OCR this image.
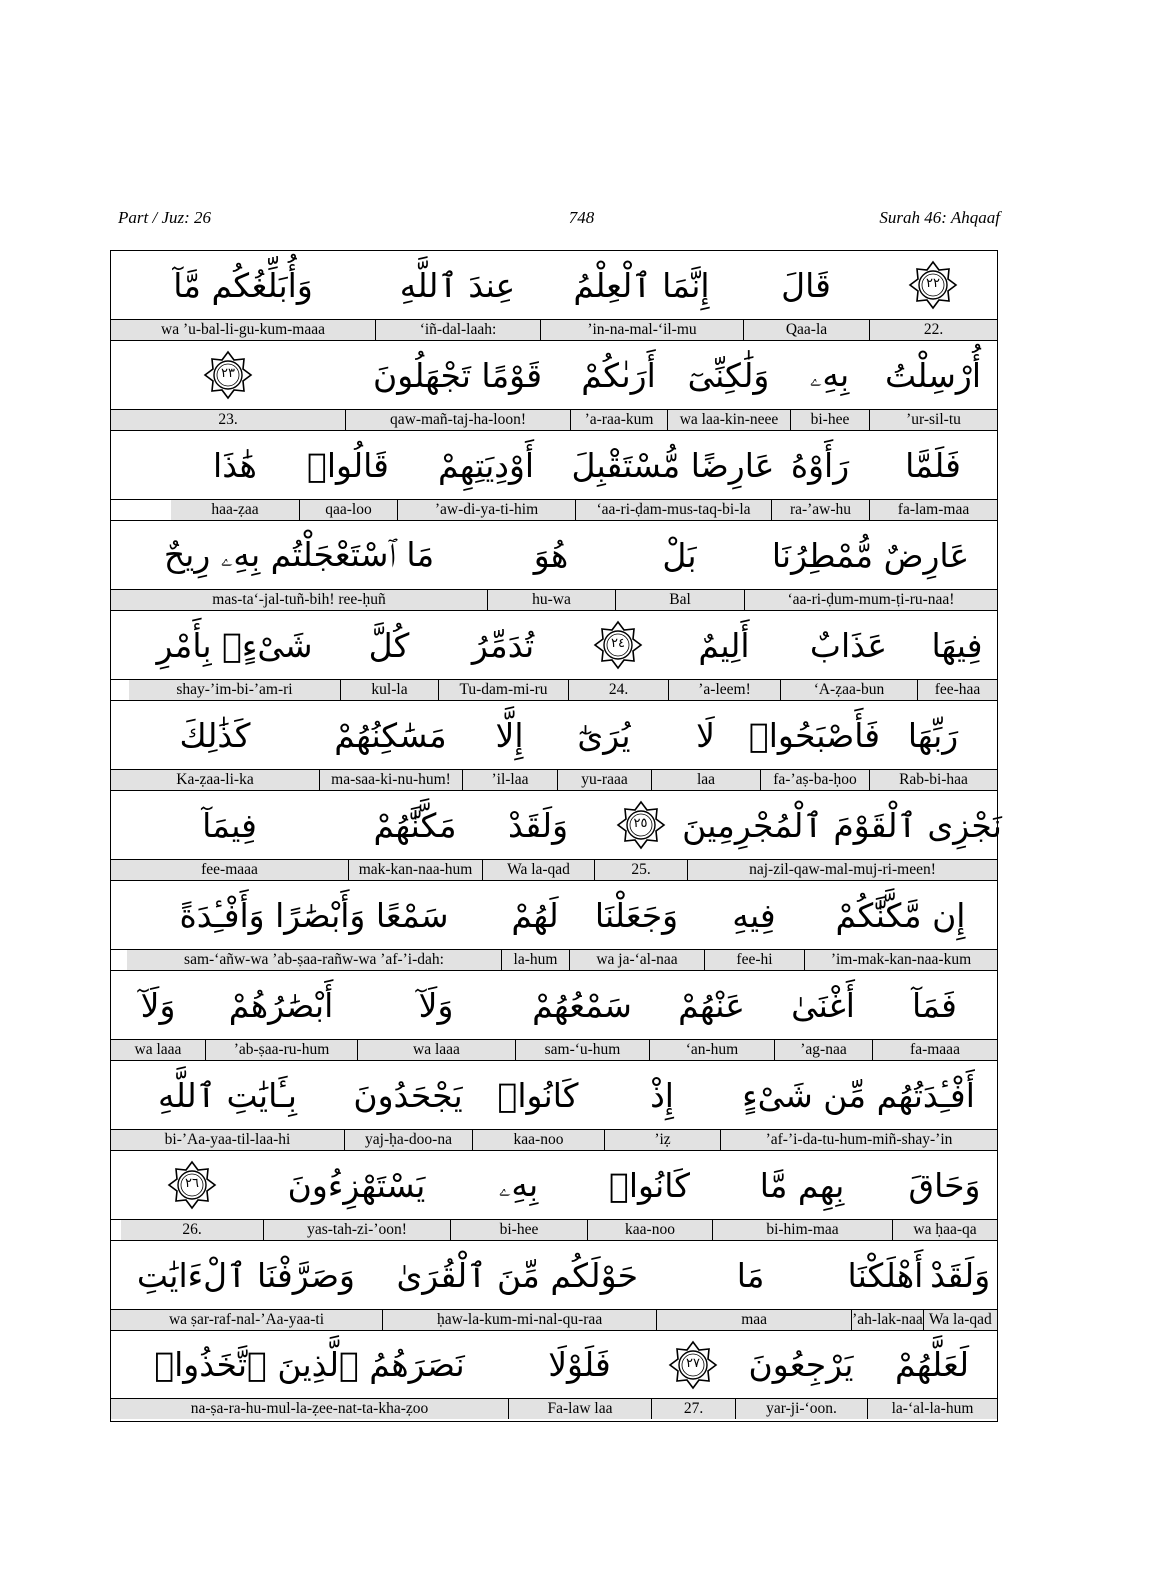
Part / Juz: 26	748	Surah 46: Ahqaaf
٢٢
قَالَ
إِنَّمَا ٱلْعِلْمُ
عِندَ ٱللَّهِ
وَأُبَلِّغُكُم مَّآ
22.
Qaa-la
ʼin-na-mal-ʻil-mu
ʻiñ-dal-laah:
wa ʼu-bal-li-gu-kum-maaa
أُرْسِلْتُ
بِهِۦ
وَلَٰكِنِّىٓ
أَرَىٰكُمْ
قَوْمًا تَجْهَلُونَ
٢٣
ʼur-sil-tu
bi-hee
wa laa-kin-neee
ʼa-raa-kum
qaw-mañ-taj-ha-loon!
23.
فَلَمَّا
رَأَوْهُ
عَارِضًا مُّسْتَقْبِلَ
أَوْدِيَتِهِمْ
قَالُوا۟
هَٰذَا
fa-lam-maa
ra-ʼaw-hu
ʻaa-ri-ḍam-mus-taq-bi-la
ʼaw-di-ya-ti-him
qaa-loo
haa-ẓaa
عَارِضٌ مُّمْطِرُنَا
بَلْ
هُوَ
مَا ٱسْتَعْجَلْتُم بِهِۦ رِيحٌ
ʻaa-ri-ḍum-mum-ṭi-ru-naa!
Bal
hu-wa
mas-taʻ-jal-tuñ-bih! ree-ḥuñ
فِيهَا
عَذَابٌ
أَلِيمٌ
٢٤
تُدَمِّرُ
كُلَّ
شَىْءٍۭ بِأَمْرِ
fee-haa
ʻA-ẓaa-bun
ʼa-leem!
24.
Tu-dam-mi-ru
kul-la
shay-ʼim-bi-ʼam-ri
رَبِّهَا
فَأَصْبَحُوا۟
لَا
يُرَىٰٓ
إِلَّا
مَسَٰكِنُهُمْ
كَذَٰلِكَ
Rab-bi-haa
fa-ʼaṣ-ba-ḥoo
laa
yu-raaa
ʼil-laa
ma-saa-ki-nu-hum!
Ka-ẓaa-li-ka
نَجْزِى ٱلْقَوْمَ ٱلْمُجْرِمِينَ
٢٥
وَلَقَدْ
مَكَّنَّٰهُمْ
فِيمَآ
naj-zil-qaw-mal-muj-ri-meen!
25.
Wa la-qad
mak-kan-naa-hum
fee-maaa
إِن مَّكَّنَّٰكُمْ
فِيهِ
وَجَعَلْنَا
لَهُمْ
سَمْعًا وَأَبْصَٰرًا وَأَفْـِٔدَةً
ʼim-mak-kan-naa-kum
fee-hi
wa ja-ʻal-naa
la-hum
sam-ʻañw-wa ʼab-ṣaa-rañw-wa ʼaf-ʼi-dah:
فَمَآ
أَغْنَىٰ
عَنْهُمْ
سَمْعُهُمْ
وَلَآ
أَبْصَٰرُهُمْ
وَلَآ
fa-maaa
ʼag-naa
ʻan-hum
sam-ʻu-hum
wa laaa
ʼab-ṣaa-ru-hum
wa laaa
أَفْـِٔدَتُهُم مِّن شَىْءٍ
إِذْ
كَانُوا۟
يَجْحَدُونَ
بِـَٔايَٰتِ ٱللَّهِ
ʼaf-ʼi-da-tu-hum-miñ-shay-ʼin
ʼiẓ
kaa-noo
yaj-ḥa-doo-na
bi-ʼAa-yaa-til-laa-hi
وَحَاقَ
بِهِم مَّا
كَانُوا۟
بِهِۦ
يَسْتَهْزِءُونَ
٢٦
wa ḥaa-qa
bi-him-maa
kaa-noo
bi-hee
yas-tah-zi-ʼoon!
26.
وَلَقَدْ
أَهْلَكْنَا
مَا
حَوْلَكُم مِّنَ ٱلْقُرَىٰ
وَصَرَّفْنَا ٱلْءَايَٰتِ
Wa la-qad
ʼah-lak-naa
maa
ḥaw-la-kum-mi-nal-qu-raa
wa ṣar-raf-nal-ʼAa-yaa-ti
لَعَلَّهُمْ
يَرْجِعُونَ
٢٧
فَلَوْلَا
نَصَرَهُمُ ٱلَّذِينَ ٱتَّخَذُوا۟
la-ʻal-la-hum
yar-ji-ʻoon.
27.
Fa-law laa
na-ṣa-ra-hu-mul-la-ẓee-nat-ta-kha-ẓoo
